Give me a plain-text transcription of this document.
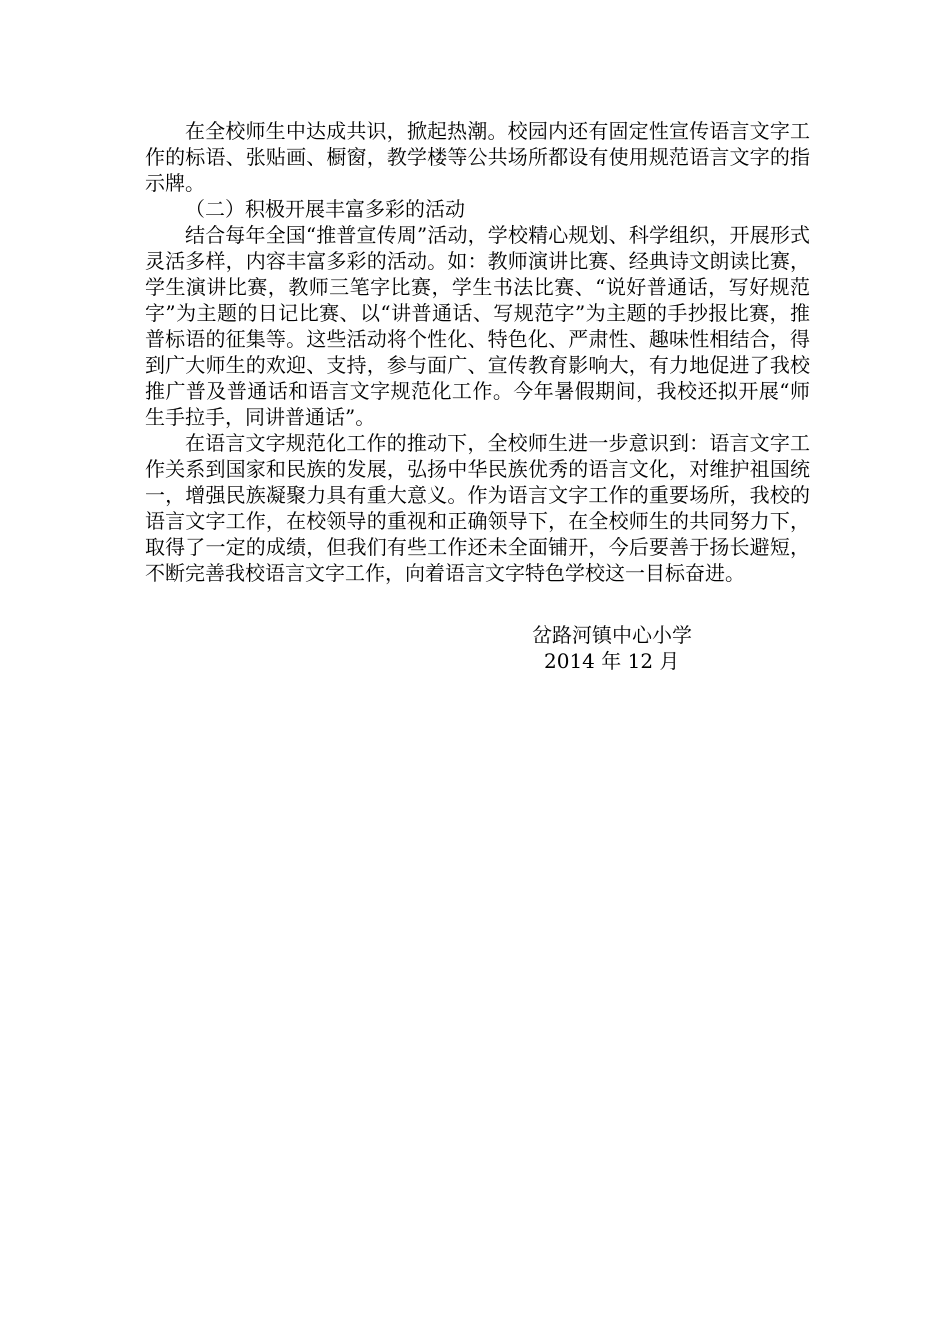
在全校师生中达成共识，掀起热潮。校园内还有固定性宣传语言文字工作的标语、张贴画、橱窗，教学楼等公共场所都设有使用规范语言文字的指示牌。

（二）积极开展丰富多彩的活动

结合每年全国“推普宣传周”活动，学校精心规划、科学组织，开展形式灵活多样，内容丰富多彩的活动。如：教师演讲比赛、经典诗文朗读比赛，学生演讲比赛，教师三笔字比赛，学生书法比赛、“说好普通话，写好规范字”为主题的日记比赛、以“讲普通话、写规范字”为主题的手抄报比赛，推普标语的征集等。这些活动将个性化、特色化、严肃性、趣味性相结合，得到广大师生的欢迎、支持，参与面广、宣传教育影响大，有力地促进了我校推广普及普通话和语言文字规范化工作。今年暑假期间，我校还拟开展“师生手拉手，同讲普通话”。

在语言文字规范化工作的推动下，全校师生进一步意识到：语言文字工作关系到国家和民族的发展，弘扬中华民族优秀的语言文化，对维护祖国统一，增强民族凝聚力具有重大意义。作为语言文字工作的重要场所，我校的语言文字工作，在校领导的重视和正确领导下，在全校师生的共同努力下，取得了一定的成绩，但我们有些工作还未全面铺开，今后要善于扬长避短，不断完善我校语言文字工作，向着语言文字特色学校这一目标奋进。

岔路河镇中心小学
2014 年 12 月
